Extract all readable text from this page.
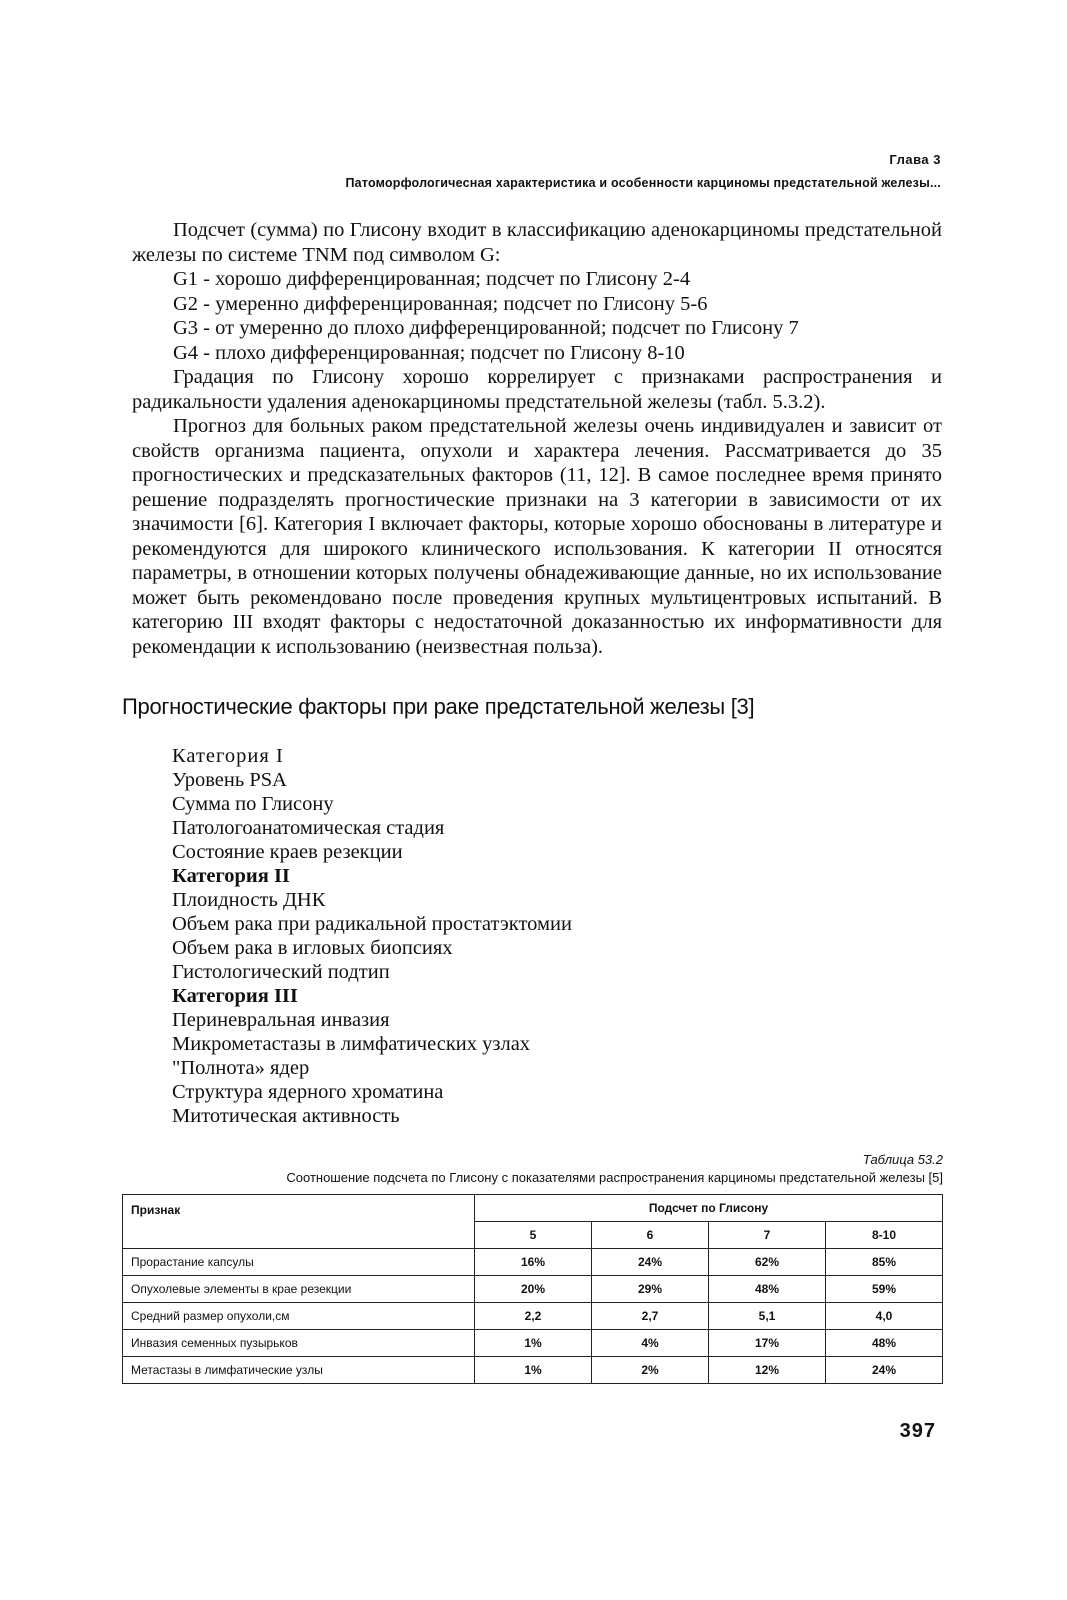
Глава 3
Патоморфологичесная характеристика и особенности карциномы предстательной железы...

Подсчет (сумма) по Глисону входит в классификацию аденокарциномы предстательной железы по системе TNM под символом G:

G1 - хорошо дифференцированная; подсчет по Глисону 2-4

G2 - умеренно дифференцированная; подсчет по Глисону 5-6

G3 - от умеренно до плохо дифференцированной; подсчет по Глисону 7

G4 - плохо дифференцированная; подсчет по Глисону 8-10

Градация по Глисону хорошо коррелирует с признаками распространения и радикальности удаления аденокарциномы предстательной железы (табл. 5.3.2).

Прогноз для больных раком предстательной железы очень индивидуален и зависит от свойств организма пациента, опухоли и характера лечения. Рассматривается до 35 прогностических и предсказательных факторов (11, 12]. В самое последнее время принято решение подразделять прогностические признаки на 3 категории в зависимости от их значимости [6]. Категория I включает факторы, которые хорошо обоснованы в литературе и рекомендуются для широкого клинического использования. К категории II относятся параметры, в отношении которых получены обнадеживающие данные, но их использование может быть рекомендовано после проведения крупных мультицентровых испытаний. В категорию III входят факторы с недостаточной доказанностью их информативности для рекомендации к использованию (неизвестная польза).

Прогностические факторы при раке предстательной железы [3]
Категория I
Уровень PSA
Сумма по Глисону
Патологоанатомическая стадия
Состояние краев резекции
Категория II
Плоидность ДНК
Объем рака при радикальной простатэктомии
Объем рака в игловых биопсиях
Гистологический подтип
Категория III
Периневральная инвазия
Микрометастазы в лимфатических узлах
"Полнота» ядер
Структура ядерного хроматина
Митотическая активность
Таблица 53.2
Соотношение подсчета по Глисону с показателями распространения карциномы предстательной железы [5]
Признак	Подсчет по Глисону			
	5	6	7	8-10
Прорастание капсулы	16%	24%	62%	85%
Опухолевые элементы в крае резекции	20%	29%	48%	59%
Средний размер опухоли,см	2,2	2,7	5,1	4,0
Инвазия семенных пузырьков	1%	4%	17%	48%
Метастазы в лимфатические узлы	1%	2%	12%	24%
397
